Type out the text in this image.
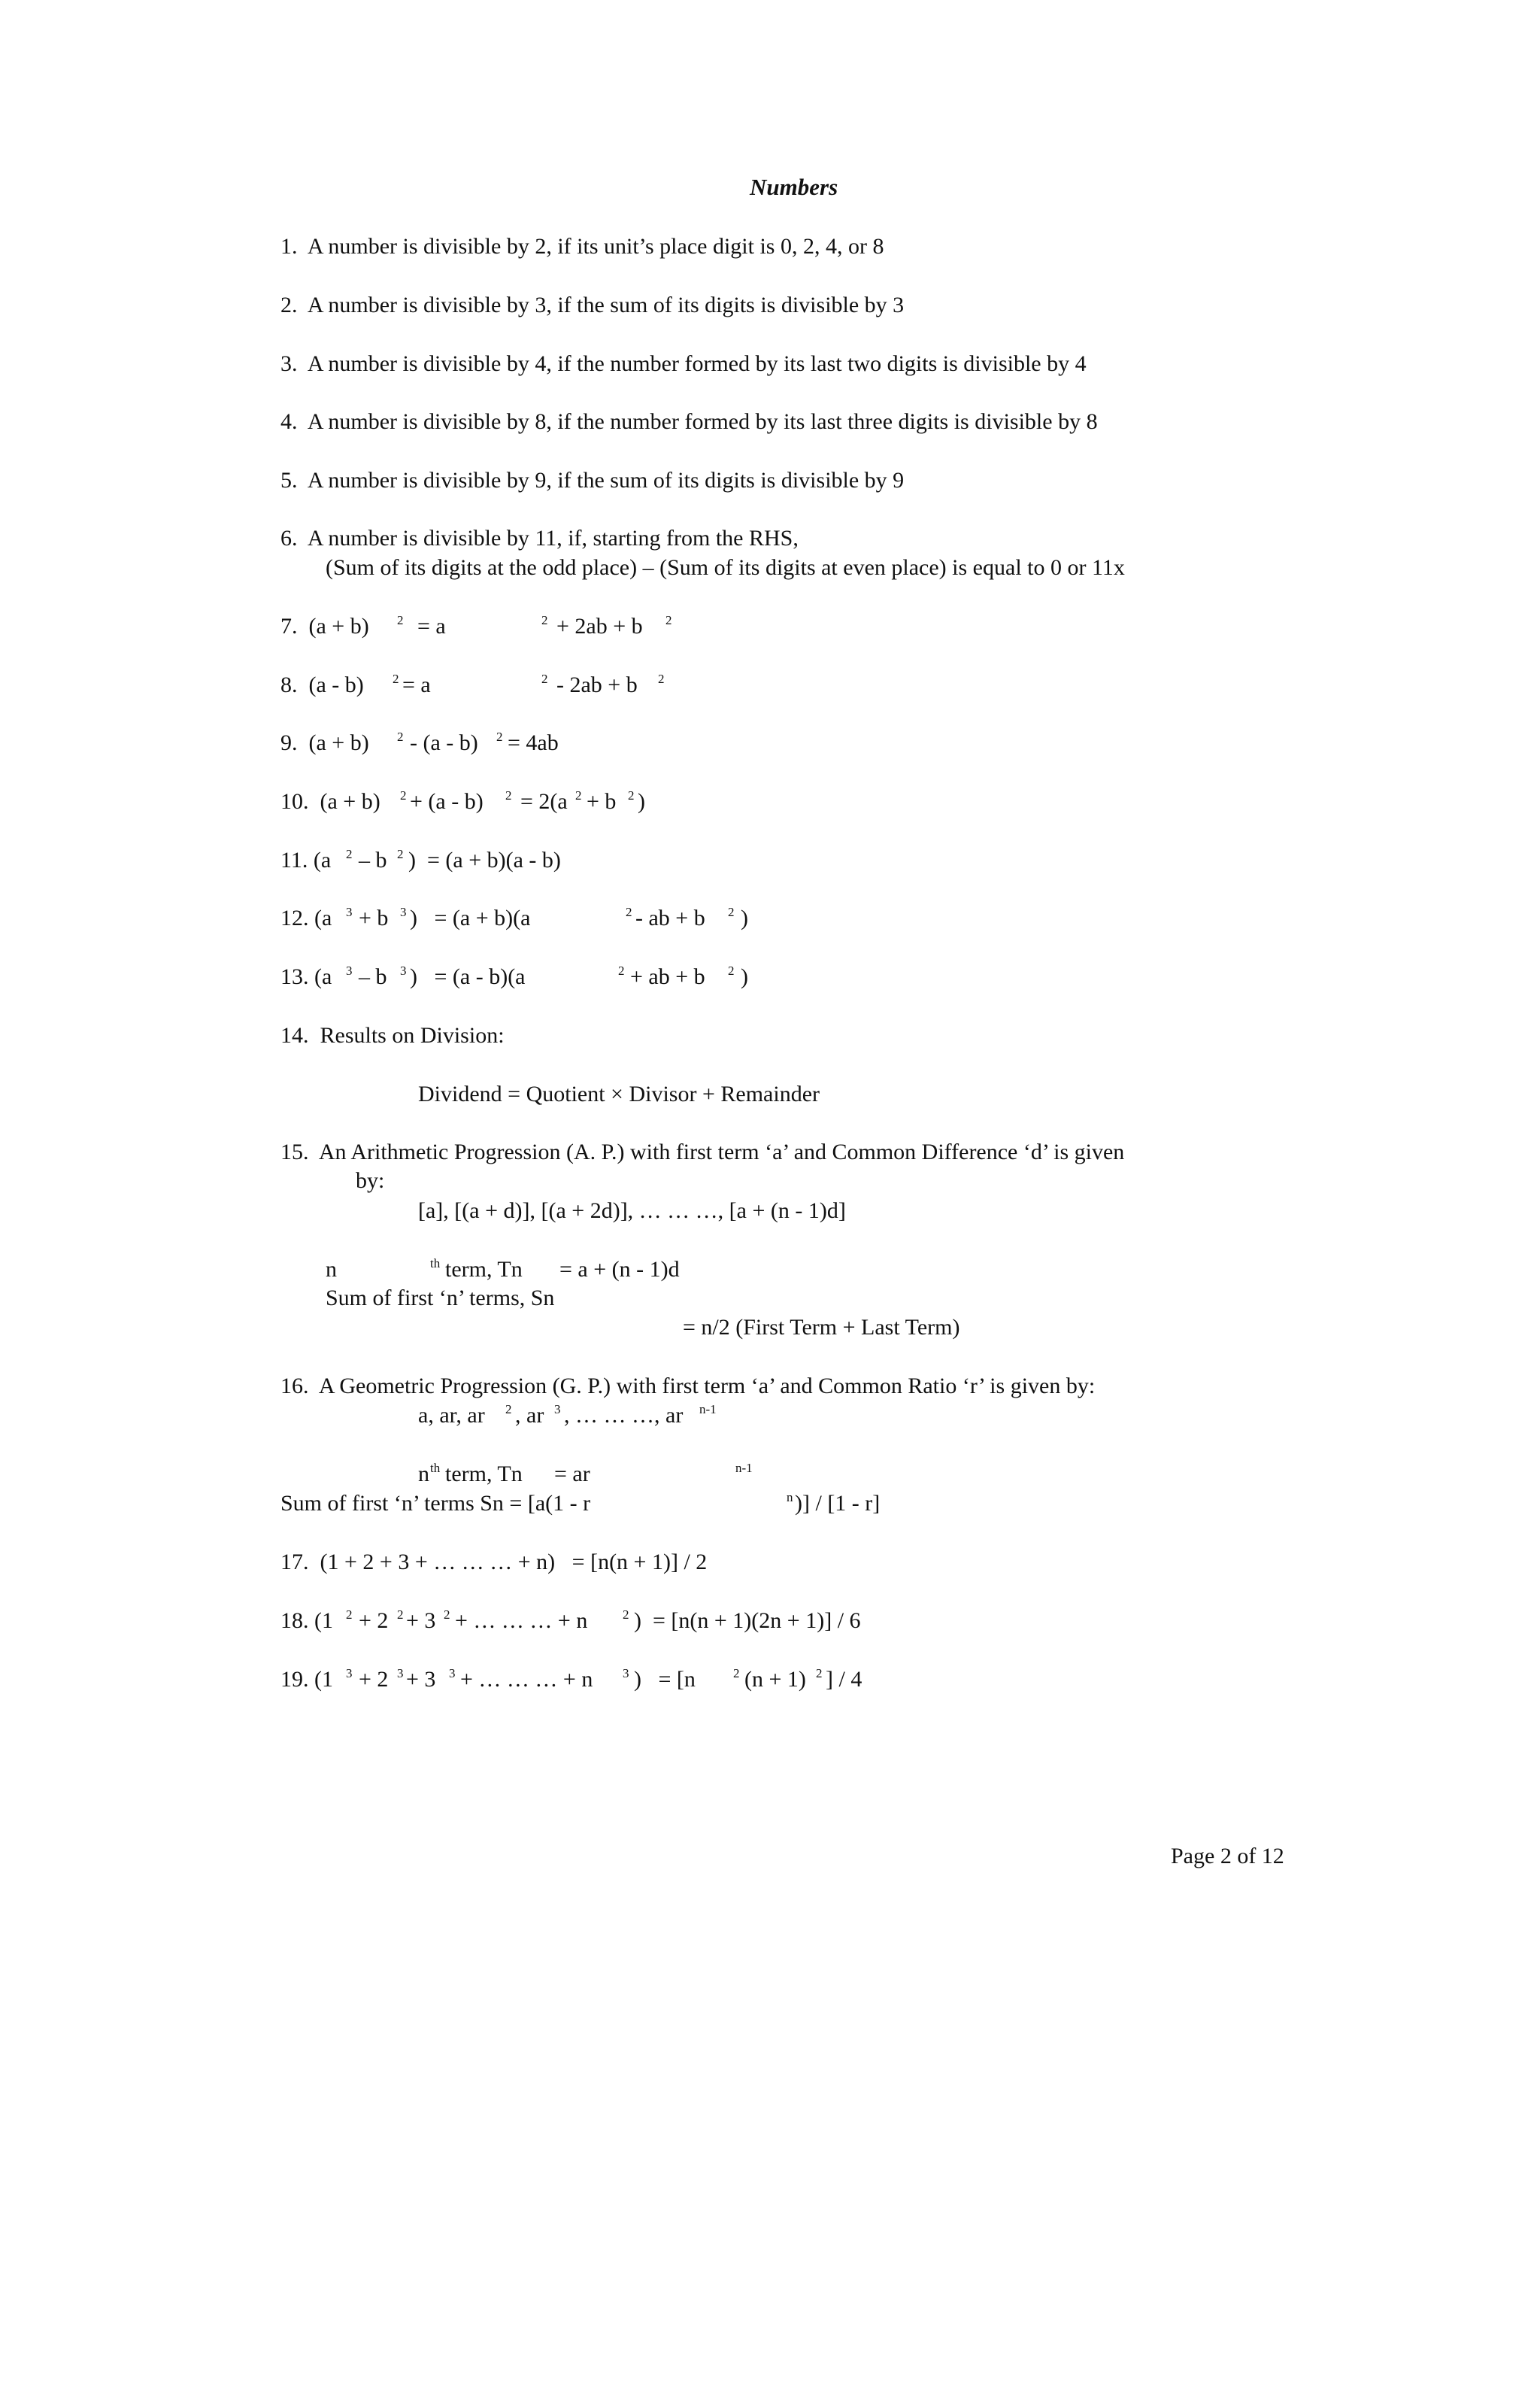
Numbers
1.  A number is divisible by 2, if its unit’s place digit is 0, 2, 4, or 8
2.  A number is divisible by 3, if the sum of its digits is divisible by 3
3.  A number is divisible by 4, if the number formed by its last two digits is divisible by 4
4.  A number is divisible by 8, if the number formed by its last three digits is divisible by 8
5.  A number is divisible by 9, if the sum of its digits is divisible by 9
6.  A number is divisible by 11, if, starting from the RHS,
(Sum of its digits at the odd place) – (Sum of its digits at even place) is equal to 0 or 11x
7.  (a + b) 2 = a	2 + 2ab + b 2
8.  (a - b) 2 = a	2 - 2ab + b 2
9.  (a + b) 2 - (a - b) 2 = 4ab
10.  (a + b) 2 + (a - b) 2 = 2(a 2 + b 2 )
11. (a 2 – b 2 )  = (a + b)(a - b)
12. (a 3 + b 3 )   = (a + b)(a	2 - ab + b 2 )
13. (a 3 – b 3 )   = (a - b)(a	2 + ab + b 2 )
14.  Results on Division:
Dividend = Quotient × Divisor + Remainder
15.  An Arithmetic Progression (A. P.) with first term ‘a’ and Common Difference ‘d’ is given
by:
[a], [(a + d)], [(a + 2d)], … … …, [a + (n - 1)d]
n	th term, Tn = a + (n - 1)d
Sum of first ‘n’ terms, Sn
= n/2 (First Term + Last Term)
16.  A Geometric Progression (G. P.) with first term ‘a’ and Common Ratio ‘r’ is given by:
a, ar, ar 2 , ar 3 , … … …, ar n-1
n th term, Tn = ar	n-1
Sum of first ‘n’ terms Sn = [a(1 - r	n )] / [1 - r]
17.  (1 + 2 + 3 + … … … + n)   = [n(n + 1)] / 2
18. (1 2 + 2 2 + 3 2 + … … … + n	2 )  = [n(n + 1)(2n + 1)] / 6
19. (1 3 + 2 3 + 3 3 + … … … + n 3 )   = [n	2 (n + 1) 2 ] / 4
Page 2 of 12
